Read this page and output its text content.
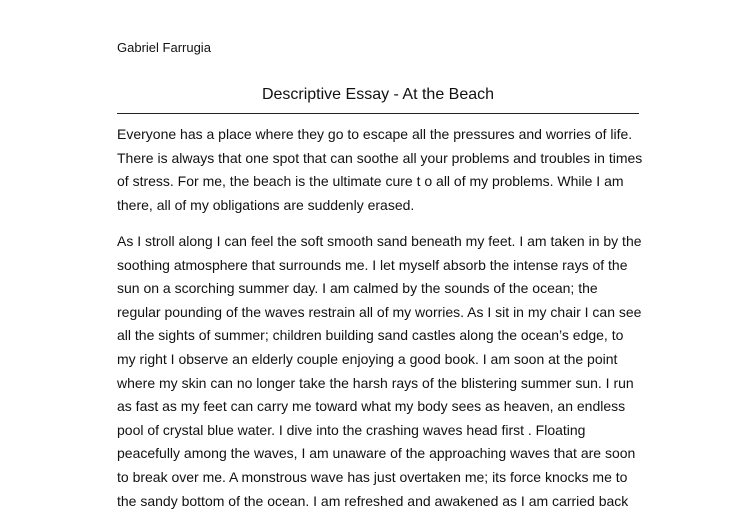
Gabriel Farrugia
Descriptive Essay - At the Beach
Everyone has a place where they go to escape all the pressures and worries of life.
There is always that one spot that can soothe all your problems and troubles in times
of stress. For me, the beach is the ultimate cure t o all of my problems. While I am
there, all of my obligations are suddenly erased.
As I stroll along I can feel the soft smooth sand beneath my feet. I am taken in by the
soothing atmosphere that surrounds me. I let myself absorb the intense rays of the
sun on a scorching summer day. I am calmed by the sounds of the ocean; the
regular pounding of the waves restrain all of my worries. As I sit in my chair I can see
all the sights of summer; children building sand castles along the ocean’s edge, to
my right I observe an elderly couple enjoying a good book. I am soon at the point
where my skin can no longer take the harsh rays of the blistering summer sun. I run
as fast as my feet can carry me toward what my body sees as heaven, an endless
pool of crystal blue water. I dive into the crashing waves head first . Floating
peacefully among the waves, I am unaware of the approaching waves that are soon
to break over me. A monstrous wave has just overtaken me; its force knocks me to
the sandy bottom of the ocean. I am refreshed and awakened as I am carried back
